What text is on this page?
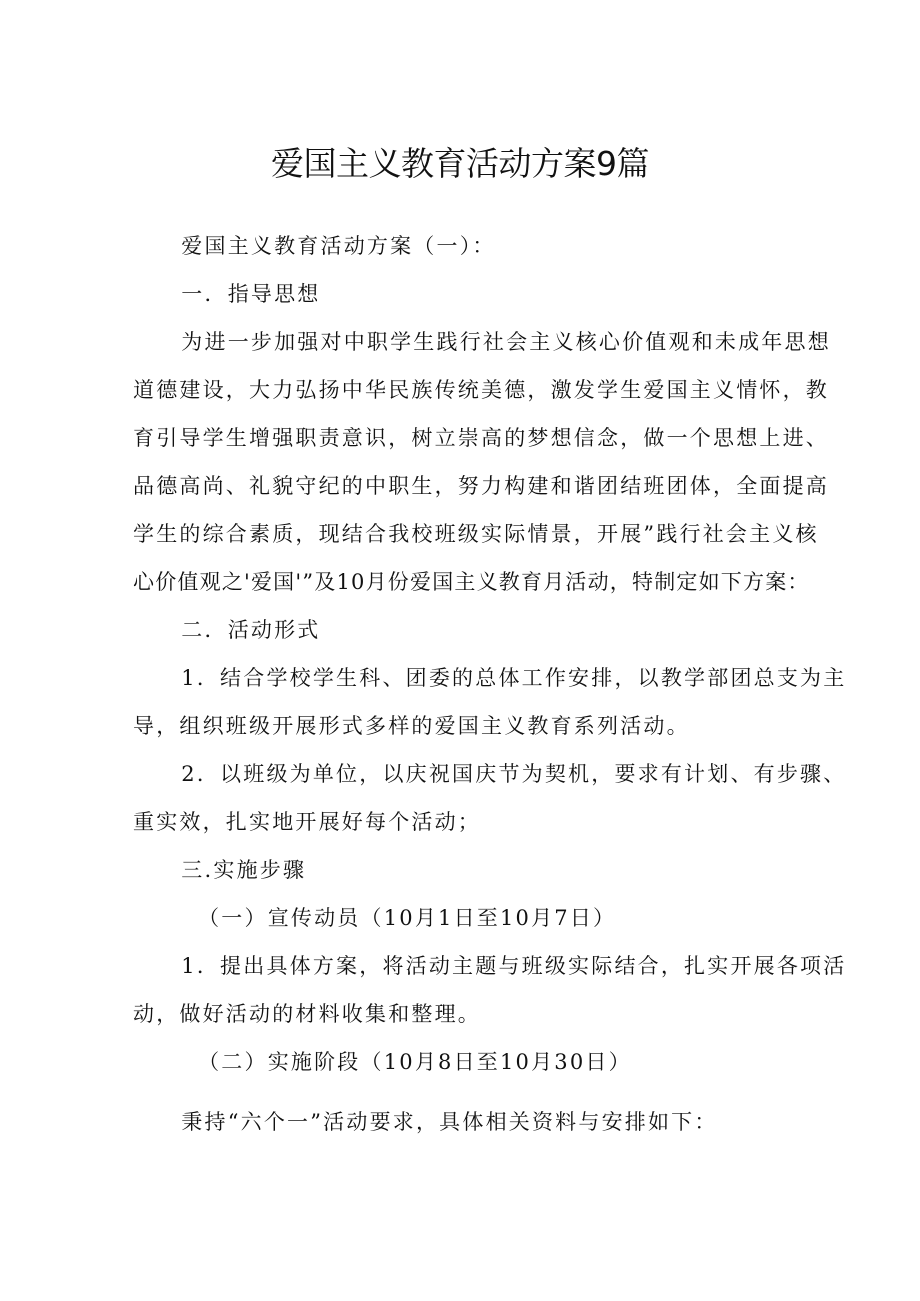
爱国主义教育活动方案9篇

爱国主义教育活动方案（一）：

一．指导思想

为进一步加强对中职学生践行社会主义核心价值观和未成年思想
道德建设，大力弘扬中华民族传统美德，激发学生爱国主义情怀，教
育引导学生增强职责意识，树立崇高的梦想信念，做一个思想上进、
品德高尚、礼貌守纪的中职生，努力构建和谐团结班团体，全面提高
学生的综合素质，现结合我校班级实际情景，开展”践行社会主义核
心价值观之'爱国'”及10月份爱国主义教育月活动，特制定如下方案：

二．活动形式

1．结合学校学生科、团委的总体工作安排，以教学部团总支为主
导，组织班级开展形式多样的爱国主义教育系列活动。

2．以班级为单位，以庆祝国庆节为契机，要求有计划、有步骤、
重实效，扎实地开展好每个活动；

三.实施步骤

（一）宣传动员（10月1日至10月7日）

1．提出具体方案，将活动主题与班级实际结合，扎实开展各项活
动，做好活动的材料收集和整理。

（二）实施阶段（10月8日至10月30日）

秉持“六个一”活动要求，具体相关资料与安排如下：
